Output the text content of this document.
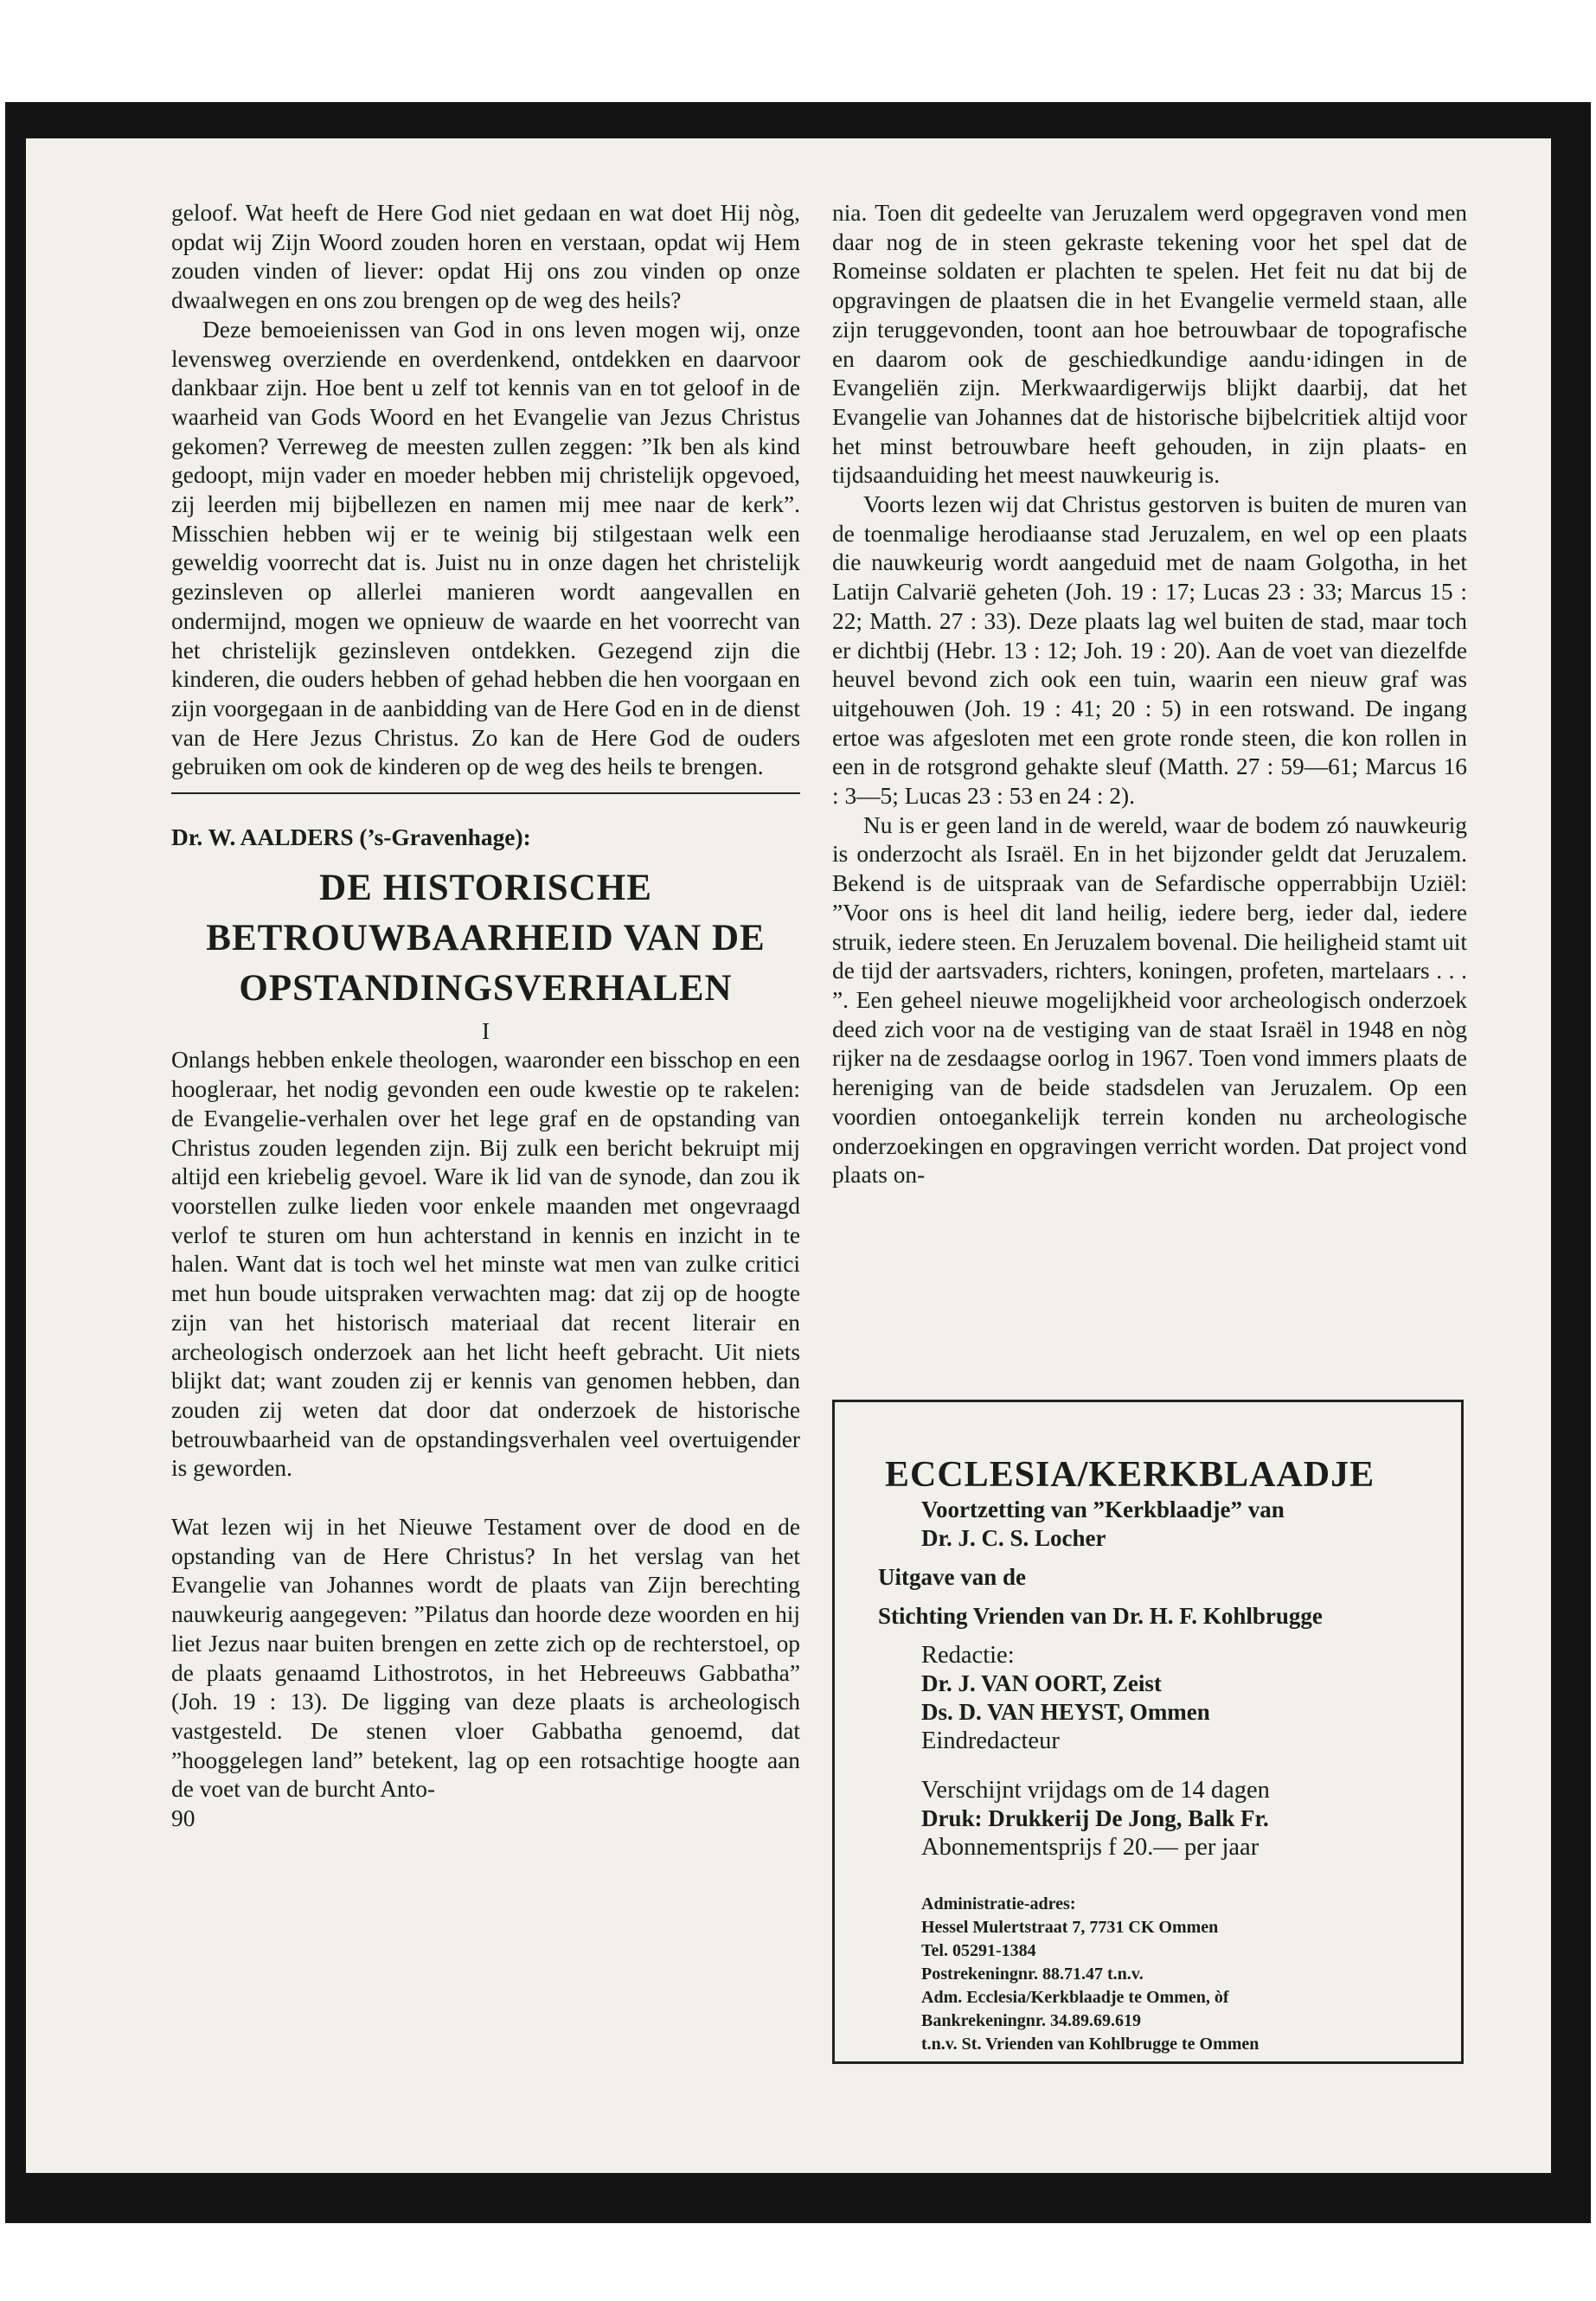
geloof. Wat heeft de Here God niet gedaan en wat doet Hij nòg, opdat wij Zijn Woord zouden horen en verstaan, opdat wij Hem zouden vinden of liever: opdat Hij ons zou vinden op onze dwaalwegen en ons zou brengen op de weg des heils?

Deze bemoeienissen van God in ons leven mogen wij, onze levensweg overziende en overdenkend, ontdekken en daarvoor dankbaar zijn. Hoe bent u zelf tot kennis van en tot geloof in de waarheid van Gods Woord en het Evangelie van Jezus Christus gekomen? Verreweg de meesten zullen zeggen: ”Ik ben als kind gedoopt, mijn vader en moeder hebben mij christelijk opgevoed, zij leerden mij bijbellezen en namen mij mee naar de kerk”. Misschien hebben wij er te weinig bij stilgestaan welk een geweldig voorrecht dat is. Juist nu in onze dagen het christelijk gezinsleven op allerlei manieren wordt aangevallen en ondermijnd, mogen we opnieuw de waarde en het voorrecht van het christelijk gezinsleven ontdekken. Gezegend zijn die kinderen, die ouders hebben of gehad hebben die hen voorgaan en zijn voorgegaan in de aanbidding van de Here God en in de dienst van de Here Jezus Christus. Zo kan de Here God de ouders gebruiken om ook de kinderen op de weg des heils te brengen.

Dr. W. AALDERS (’s-Gravenhage):

DE HISTORISCHE
BETROUWBAARHEID VAN DE
OPSTANDINGSVERHALEN

I

Onlangs hebben enkele theologen, waaronder een bisschop en een hoogleraar, het nodig gevonden een oude kwestie op te rakelen: de Evangelie-verhalen over het lege graf en de opstanding van Christus zouden legenden zijn. Bij zulk een bericht bekruipt mij altijd een kriebelig gevoel. Ware ik lid van de synode, dan zou ik voorstellen zulke lieden voor enkele maanden met ongevraagd verlof te sturen om hun achterstand in kennis en inzicht in te halen. Want dat is toch wel het minste wat men van zulke critici met hun boude uitspraken verwachten mag: dat zij op de hoogte zijn van het historisch materiaal dat recent literair en archeologisch onderzoek aan het licht heeft gebracht. Uit niets blijkt dat; want zouden zij er kennis van genomen hebben, dan zouden zij weten dat door dat onderzoek de historische betrouwbaarheid van de opstandingsverhalen veel overtuigender is geworden.

Wat lezen wij in het Nieuwe Testament over de dood en de opstanding van de Here Christus? In het verslag van het Evangelie van Johannes wordt de plaats van Zijn berechting nauwkeurig aangegeven: ”Pilatus dan hoorde deze woorden en hij liet Jezus naar buiten brengen en zette zich op de rechterstoel, op de plaats genaamd Lithostrotos, in het Hebreeuws Gabbatha” (Joh. 19 : 13). De ligging van deze plaats is archeologisch vastgesteld. De stenen vloer Gabbatha genoemd, dat ”hooggelegen land” betekent, lag op een rotsachtige hoogte aan de voet van de burcht Anto-

90

nia. Toen dit gedeelte van Jeruzalem werd opgegraven vond men daar nog de in steen gekraste tekening voor het spel dat de Romeinse soldaten er plachten te spelen. Het feit nu dat bij de opgravingen de plaatsen die in het Evangelie vermeld staan, alle zijn teruggevonden, toont aan hoe betrouwbaar de topografische en daarom ook de geschiedkundige aandu·idingen in de Evangeliën zijn. Merkwaardigerwijs blijkt daarbij, dat het Evangelie van Johannes dat de historische bijbelcritiek altijd voor het minst betrouwbare heeft gehouden, in zijn plaats- en tijdsaanduiding het meest nauwkeurig is.

Voorts lezen wij dat Christus gestorven is buiten de muren van de toenmalige herodiaanse stad Jeruzalem, en wel op een plaats die nauwkeurig wordt aangeduid met de naam Golgotha, in het Latijn Calvarië geheten (Joh. 19 : 17; Lucas 23 : 33; Marcus 15 : 22; Matth. 27 : 33). Deze plaats lag wel buiten de stad, maar toch er dichtbij (Hebr. 13 : 12; Joh. 19 : 20). Aan de voet van diezelfde heuvel bevond zich ook een tuin, waarin een nieuw graf was uitgehouwen (Joh. 19 : 41; 20 : 5) in een rotswand. De ingang ertoe was afgesloten met een grote ronde steen, die kon rollen in een in de rotsgrond gehakte sleuf (Matth. 27 : 59—61; Marcus 16 : 3—5; Lucas 23 : 53 en 24 : 2).

Nu is er geen land in de wereld, waar de bodem zó nauwkeurig is onderzocht als Israël. En in het bijzonder geldt dat Jeruzalem. Bekend is de uitspraak van de Sefardische opperrabbijn Uziël: ”Voor ons is heel dit land heilig, iedere berg, ieder dal, iedere struik, iedere steen. En Jeruzalem bovenal. Die heiligheid stamt uit de tijd der aartsvaders, richters, koningen, profeten, martelaars . . . ”. Een geheel nieuwe mogelijkheid voor archeologisch onderzoek deed zich voor na de vestiging van de staat Israël in 1948 en nòg rijker na de zesdaagse oorlog in 1967. Toen vond immers plaats de hereniging van de beide stadsdelen van Jeruzalem. Op een voordien ontoegankelijk terrein konden nu archeologische onderzoekingen en opgravingen verricht worden. Dat project vond plaats on-

ECCLESIA/KERKBLAADJE

Voortzetting van ”Kerkblaadje” van

Dr. J. C. S. Locher

Uitgave van de

Stichting Vrienden van Dr. H. F. Kohlbrugge

Redactie:

Dr. J. VAN OORT, Zeist

Ds. D. VAN HEYST, Ommen

Eindredacteur

Verschijnt vrijdags om de 14 dagen

Druk: Drukkerij De Jong, Balk Fr.

Abonnementsprijs f 20.— per jaar

Administratie-adres:
Hessel Mulertstraat 7, 7731 CK Ommen
Tel. 05291-1384
Postrekeningnr. 88.71.47 t.n.v.
Adm. Ecclesia/Kerkblaadje te Ommen, òf
Bankrekeningnr. 34.89.69.619
t.n.v. St. Vrienden van Kohlbrugge te Ommen
